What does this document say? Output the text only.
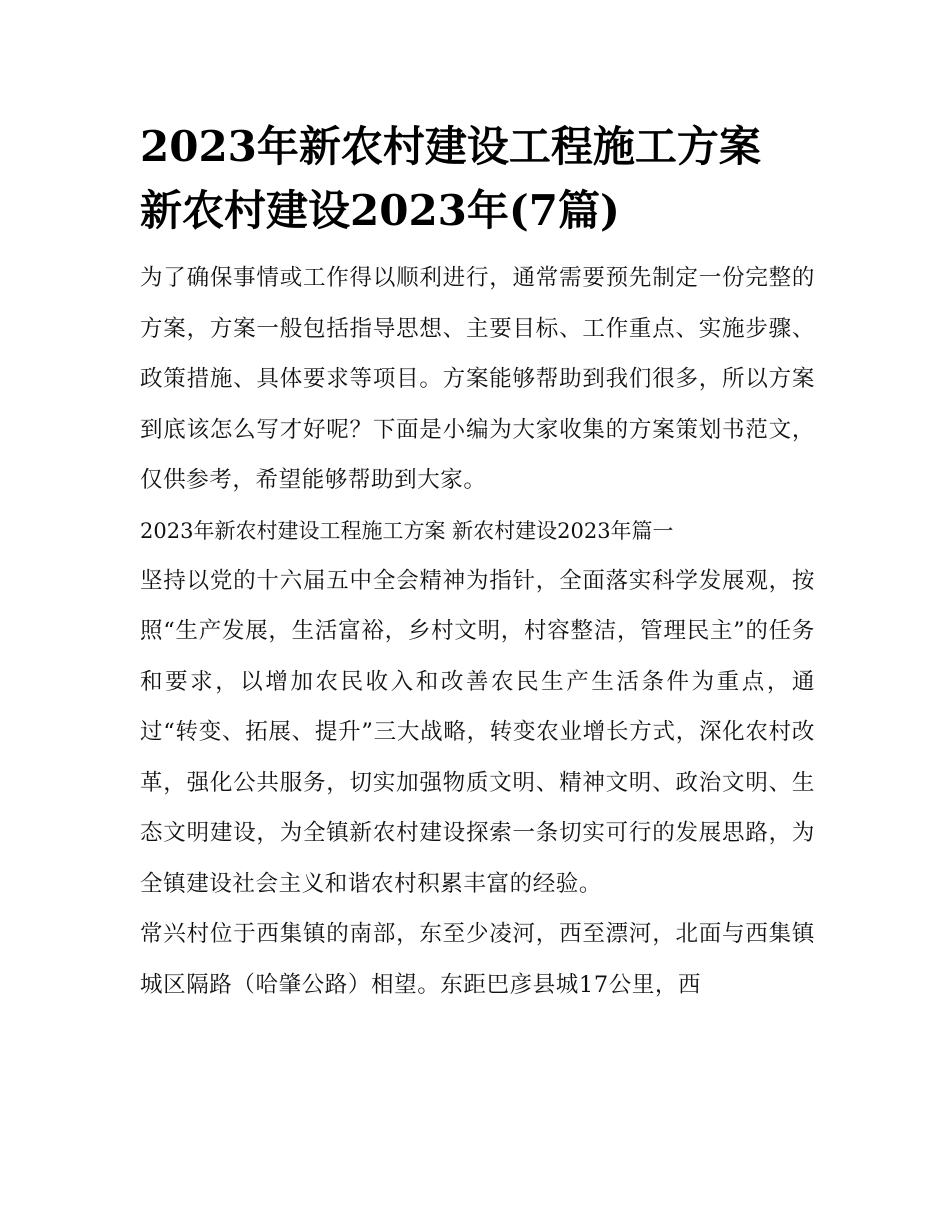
2023年新农村建设工程施工方案 新农村建设2023年(7篇)

为了确保事情或工作得以顺利进行，通常需要预先制定一份完整的方案，方案一般包括指导思想、主要目标、工作重点、实施步骤、政策措施、具体要求等项目。方案能够帮助到我们很多，所以方案到底该怎么写才好呢？下面是小编为大家收集的方案策划书范文，仅供参考，希望能够帮助到大家。

2023年新农村建设工程施工方案 新农村建设2023年篇一

坚持以党的十六届五中全会精神为指针，全面落实科学发展观，按照“生产发展，生活富裕，乡村文明，村容整洁，管理民主”的任务和要求，以增加农民收入和改善农民生产生活条件为重点，通过“转变、拓展、提升”三大战略，转变农业增长方式，深化农村改革，强化公共服务，切实加强物质文明、精神文明、政治文明、生态文明建设，为全镇新农村建设探索一条切实可行的发展思路，为全镇建设社会主义和谐农村积累丰富的经验。

常兴村位于西集镇的南部，东至少凌河，西至漂河，北面与西集镇城区隔路（哈肇公路）相望。东距巴彦县城17公里，西
